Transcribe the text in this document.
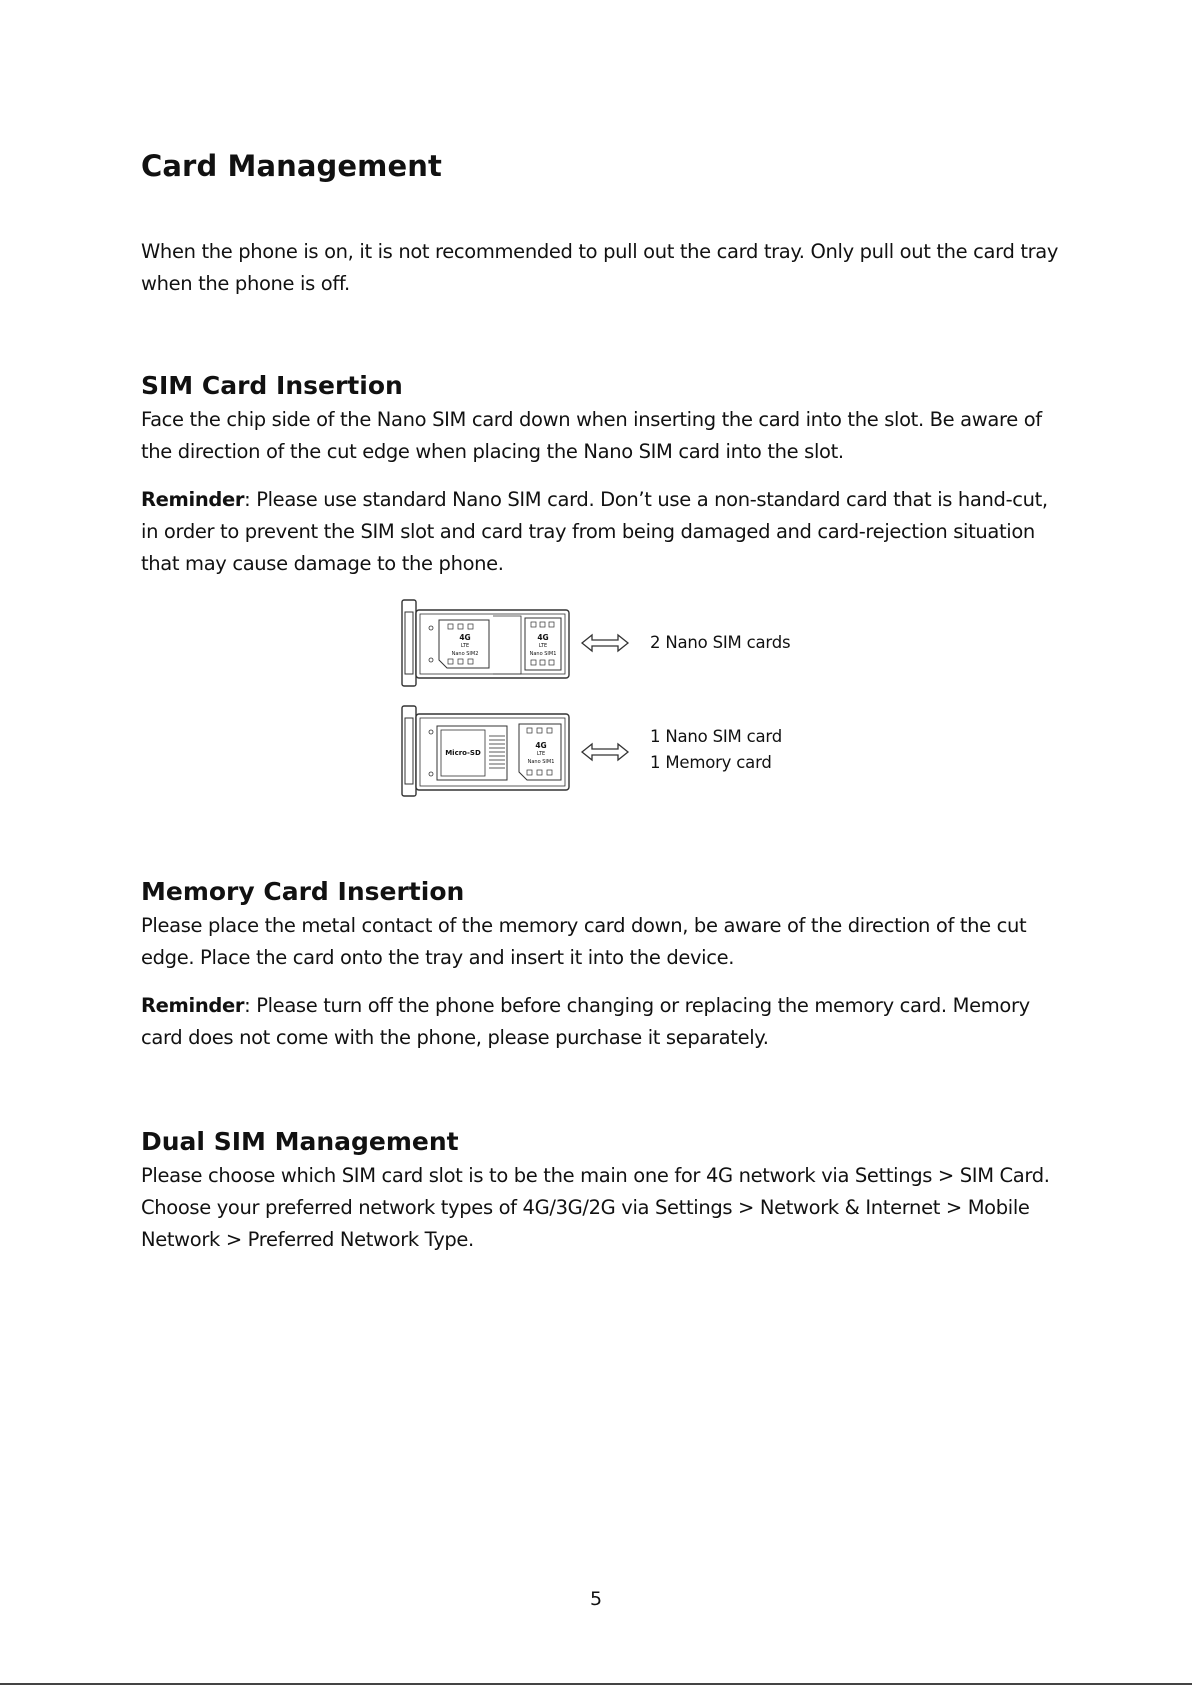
Card Management

When the phone is on, it is not recommended to pull out the card tray. Only pull out the card tray when the phone is off.

SIM Card Insertion

Face the chip side of the Nano SIM card down when inserting the card into the slot. Be aware of the direction of the cut edge when placing the Nano SIM card into the slot.

Reminder: Please use standard Nano SIM card. Don’t use a non-standard card that is hand-cut, in order to prevent the SIM slot and card tray from being damaged and card-rejection situation that may cause damage to the phone.

4G
LTE
Nano SIM2
4G
LTE
Nano SIM1
2 Nano SIM cards
Micro-SD
4G
LTE
Nano SIM1
1 Nano SIM card
1 Memory card
Memory Card Insertion

Please place the metal contact of the memory card down, be aware of the direction of the cut edge. Place the card onto the tray and insert it into the device.

Reminder: Please turn off the phone before changing or replacing the memory card. Memory card does not come with the phone, please purchase it separately.

Dual SIM Management

Please choose which SIM card slot is to be the main one for 4G network via Settings > SIM Card. Choose your preferred network types of 4G/3G/2G via Settings > Network & Internet > Mobile Network > Preferred Network Type.

5
